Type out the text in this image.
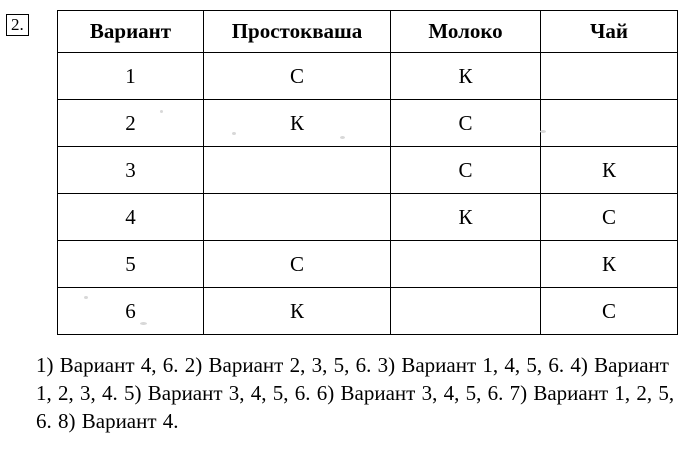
2.	Вариант	Простокваша	Молоко	Чай
1	С	К	
2	К	С	
3		С	К
4		К	С
5	С		К
6	К		С
1) Вариант 4, 6. 2) Вариант 2, 3, 5, 6. 3) Вариант 1, 4, 5, 6. 4) Вариант 1, 2, 3, 4. 5) Вариант 3, 4, 5, 6. 6) Вариант 3, 4, 5, 6. 7) Вариант 1, 2, 5, 6. 8) Вариант 4.
